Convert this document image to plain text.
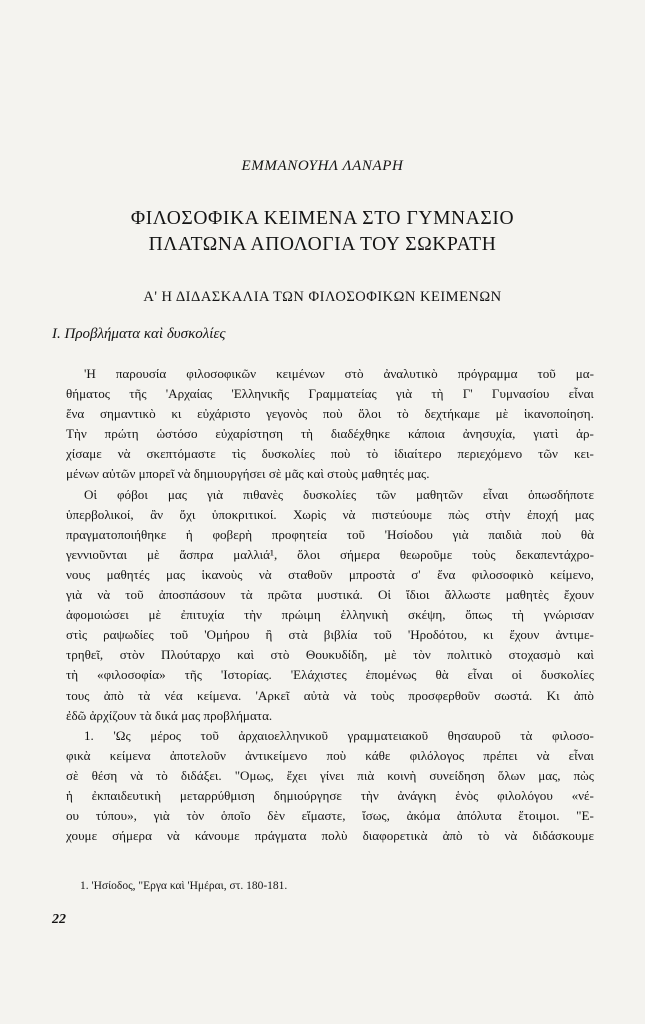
ΕΜΜΑΝΟΥΗΛ ΛΑΝΑΡΗ
ΦΙΛΟΣΟΦΙΚΑ ΚΕΙΜΕΝΑ ΣΤΟ ΓΥΜΝΑΣΙΟ
ΠΛΑΤΩΝΑ ΑΠΟΛΟΓΙΑ ΤΟΥ ΣΩΚΡΑΤΗ
Α' Η ΔΙΔΑΣΚΑΛΙΑ ΤΩΝ ΦΙΛΟΣΟΦΙΚΩΝ ΚΕΙΜΕΝΩΝ
Ι. Προβλήματα καὶ δυσκολίες
'Η παρουσία φιλοσοφικῶν κειμένων στὸ ἀναλυτικὸ πρόγραμμα τοῦ μα-
θήματος τῆς 'Αρχαίας 'Ελληνικῆς Γραμματείας γιὰ τὴ Γ' Γυμνασίου εἶναι
ἕνα σημαντικὸ κι εὐχάριστο γεγονὸς ποὺ ὅλοι τὸ δεχτήκαμε μὲ ἱκανοποίηση.
Τὴν πρώτη ὡστόσο εὐχαρίστηση τὴ διαδέχθηκε κάποια ἀνησυχία, γιατὶ ἀρ-
χίσαμε νὰ σκεπτόμαστε τὶς δυσκολίες ποὺ τὸ ἰδιαίτερο περιεχόμενο τῶν κει-
μένων αὐτῶν μπορεῖ νὰ δημιουργήσει σὲ μᾶς καὶ στοὺς μαθητές μας.
Οἱ φόβοι μας γιὰ πιθανὲς δυσκολίες τῶν μαθητῶν εἶναι ὁπωσδήποτε
ὑπερβολικοί, ἂν ὄχι ὑποκριτικοί. Χωρὶς νὰ πιστεύουμε πὼς στὴν ἐποχή μας
πραγματοποιήθηκε ἡ φοβερὴ προφητεία τοῦ 'Ησίοδου γιὰ παιδιὰ ποὺ θὰ
γεννιοῦνται μὲ ἄσπρα μαλλιά¹, ὅλοι σήμερα θεωροῦμε τοὺς δεκαπεντάχρο-
νους μαθητές μας ἱκανοὺς νὰ σταθοῦν μπροστὰ σ' ἕνα φιλοσοφικὸ κείμενο,
γιὰ νὰ τοῦ ἀποσπάσουν τὰ πρῶτα μυστικά. Οἱ ἴδιοι ἄλλωστε μαθητὲς ἔχουν
ἀφομοιώσει μὲ ἐπιτυχία τὴν πρώιμη ἑλληνικὴ σκέψη, ὅπως τὴ γνώρισαν
στὶς ραψωδίες τοῦ 'Ομήρου ἢ στὰ βιβλία τοῦ 'Ηροδότου, κι ἔχουν ἀντιμε-
τρηθεῖ, στὸν Πλούταρχο καὶ στὸ Θουκυδίδη, μὲ τὸν πολιτικὸ στοχασμὸ καὶ
τὴ «φιλοσοφία» τῆς 'Ιστορίας. 'Ελάχιστες ἑπομένως θὰ εἶναι οἱ δυσκολίες
τους ἀπὸ τὰ νέα κείμενα. 'Αρκεῖ αὐτὰ νὰ τοὺς προσφερθοῦν σωστά. Κι ἀπὸ
ἐδῶ ἀρχίζουν τὰ δικά μας προβλήματα.
1. 'Ως μέρος τοῦ ἀρχαιοελληνικοῦ γραμματειακοῦ θησαυροῦ τὰ φιλοσο-
φικὰ κείμενα ἀποτελοῦν ἀντικείμενο ποὺ κάθε φιλόλογος πρέπει νὰ εἶναι
σὲ θέση νὰ τὸ διδάξει. "Ομως, ἔχει γίνει πιὰ κοινὴ συνείδηση ὅλων μας, πὼς
ἡ ἐκπαιδευτικὴ μεταρρύθμιση δημιούργησε τὴν ἀνάγκη ἑνὸς φιλολόγου «νέ-
ου τύπου», γιὰ τὸν ὁποῖο δὲν εἴμαστε, ἴσως, ἀκόμα ἀπόλυτα ἕτοιμοι. "Ε-
χουμε σήμερα νὰ κάνουμε πράγματα πολὺ διαφορετικὰ ἀπὸ τὸ νὰ διδάσκουμε
1. 'Ησίοδος, "Εργα καὶ 'Ημέραι, στ. 180-181.
22
